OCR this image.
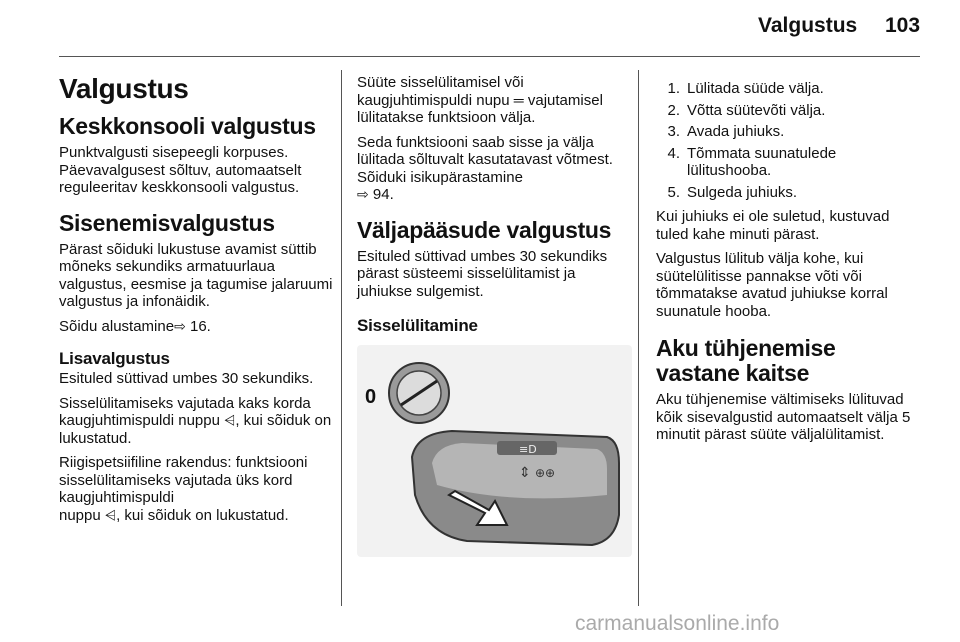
Valgustus 103
Valgustus
Keskkonsooli valgustus

Punktvalgusti sisepeegli korpuses. Päevavalgusest sõltuv, automaatselt reguleeritav keskkonsooli valgustus.

Sisenemisvalgustus

Pärast sõiduki lukustuse avamist süttib mõneks sekundiks armatuurlaua valgustus, eesmise ja tagumise jalaruumi valgustus ja infonäidik.

Sõidu alustamine⇨ 16.

Lisavalgustus

Esituled süttivad umbes 30 sekundiks.

Sisselülitamiseks vajutada kaks korda kaugjuhtimispuldi nuppu ⩤, kui sõiduk on lukustatud.

Riigispetsiifiline rakendus: funktsiooni sisselülitamiseks vajutada üks kord kaugjuhtimispuldi
nuppu ⩤, kui sõiduk on lukustatud.

Süüte sisselülitamisel või kaugjuhtimispuldi nupu ═ vajutamisel lülitatakse funktsioon välja.

Seda funktsiooni saab sisse ja välja lülitada sõltuvalt kasutatavast võtmest. Sõiduki isikupärastamine
⇨ 94.

Väljapääsude valgustus

Esituled süttivad umbes 30 sekundiks pärast süsteemi sisselülitamist ja juhiukse sulgemist.

Sisselülitamine
0
≡D
⇕ ⊕⊕
1. Lülitada süüde välja.
2. Võtta süütevõti välja.
3. Avada juhiuks.
4. Tõmmata suunatulede lülitushooba.
5. Sulgeda juhiuks.

Kui juhiuks ei ole suletud, kustuvad tuled kahe minuti pärast.

Valgustus lülitub välja kohe, kui süütelülitisse pannakse võti või tõmmatakse avatud juhiukse korral suunatule hooba.

Aku tühjenemise vastane kaitse

Aku tühjenemise vältimiseks lülituvad kõik sisevalgustid automaatselt välja 5 minutit pärast süüte väljalülitamist.

carmanualsonline.info
